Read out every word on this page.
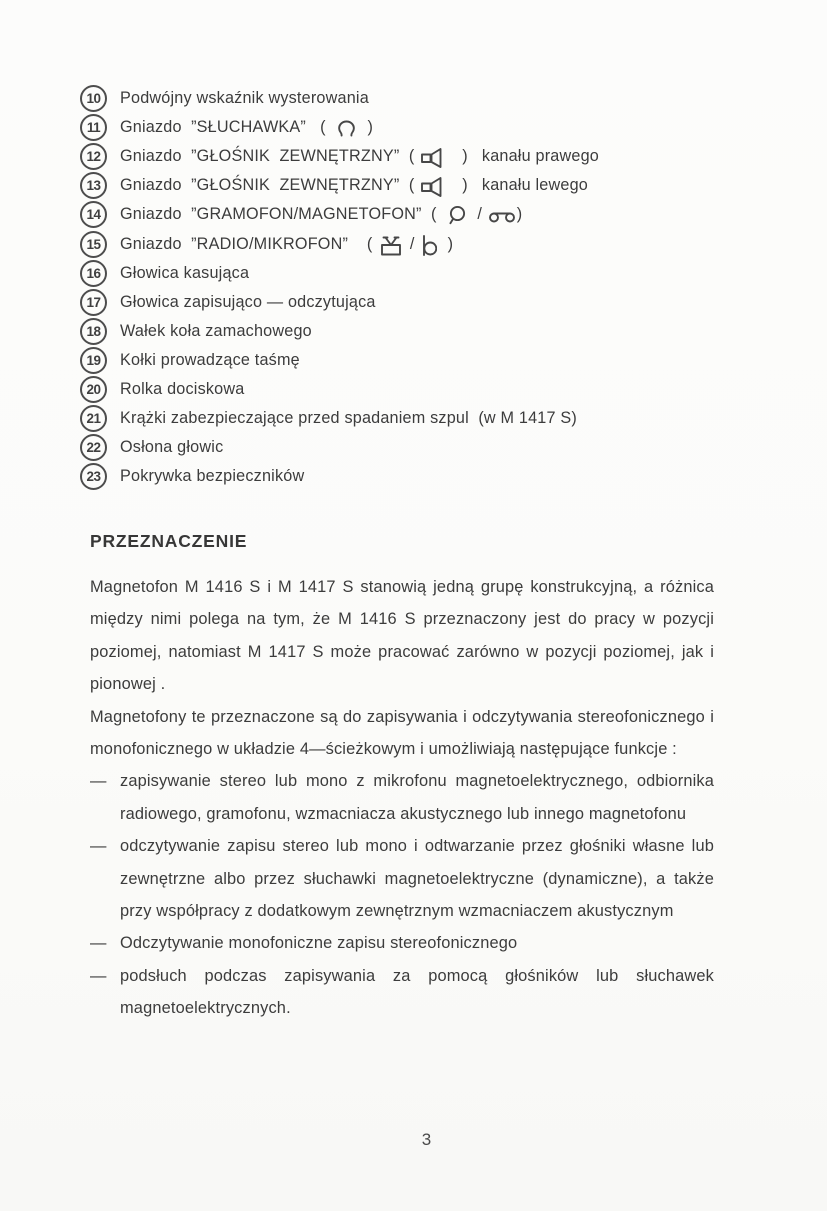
10	Podwójny wskaźnik wysterowania
11	Gniazdo  ”SŁUCHAWKA”   ( )
12	Gniazdo  ”GŁOŚNIK  ZEWNĘTRZNY”  ( )   kanału prawego
13	Gniazdo  ”GŁOŚNIK  ZEWNĘTRZNY”  ( )   kanału lewego
14	Gniazdo  ”GRAMOFON/MAGNETOFON”  ( / )
15	Gniazdo  ”RADIO/MIKROFON”    ( / )
16	Głowica kasująca
17	Głowica zapisująco — odczytująca
18	Wałek koła zamachowego
19	Kołki prowadzące taśmę
20	Rolka dociskowa
21	Krążki zabezpieczające przed spadaniem szpul  (w M 1417 S)
22	Osłona głowic
23	Pokrywka bezpieczników
PRZEZNACZENIE

Magnetofon M 1416 S i M 1417 S stanowią jedną grupę konstrukcyjną, a różnica między nimi polega na tym, że M 1416 S przeznaczony jest do pracy w pozycji poziomej, natomiast M 1417 S może pracować zarówno w pozycji poziomej, jak i pionowej .

Magnetofony te przeznaczone są do zapisywania i odczytywania stereofonicznego i monofonicznego w układzie 4—ścieżkowym i umożliwiają następujące funkcje :

— zapisywanie stereo lub mono z mikrofonu magnetoelektrycznego, odbiornika radiowego, gramofonu, wzmacniacza akustycznego lub innego magnetofonu
— odczytywanie zapisu stereo lub mono i odtwarzanie przez głośniki własne lub zewnętrzne albo przez słuchawki magnetoelektryczne (dynamiczne), a także przy współpracy z dodatkowym zewnętrznym wzmacniaczem akustycznym
— Odczytywanie monofoniczne zapisu stereofonicznego
— podsłuch podczas zapisywania za pomocą głośników lub słuchawek magnetoelektrycznych.
3
